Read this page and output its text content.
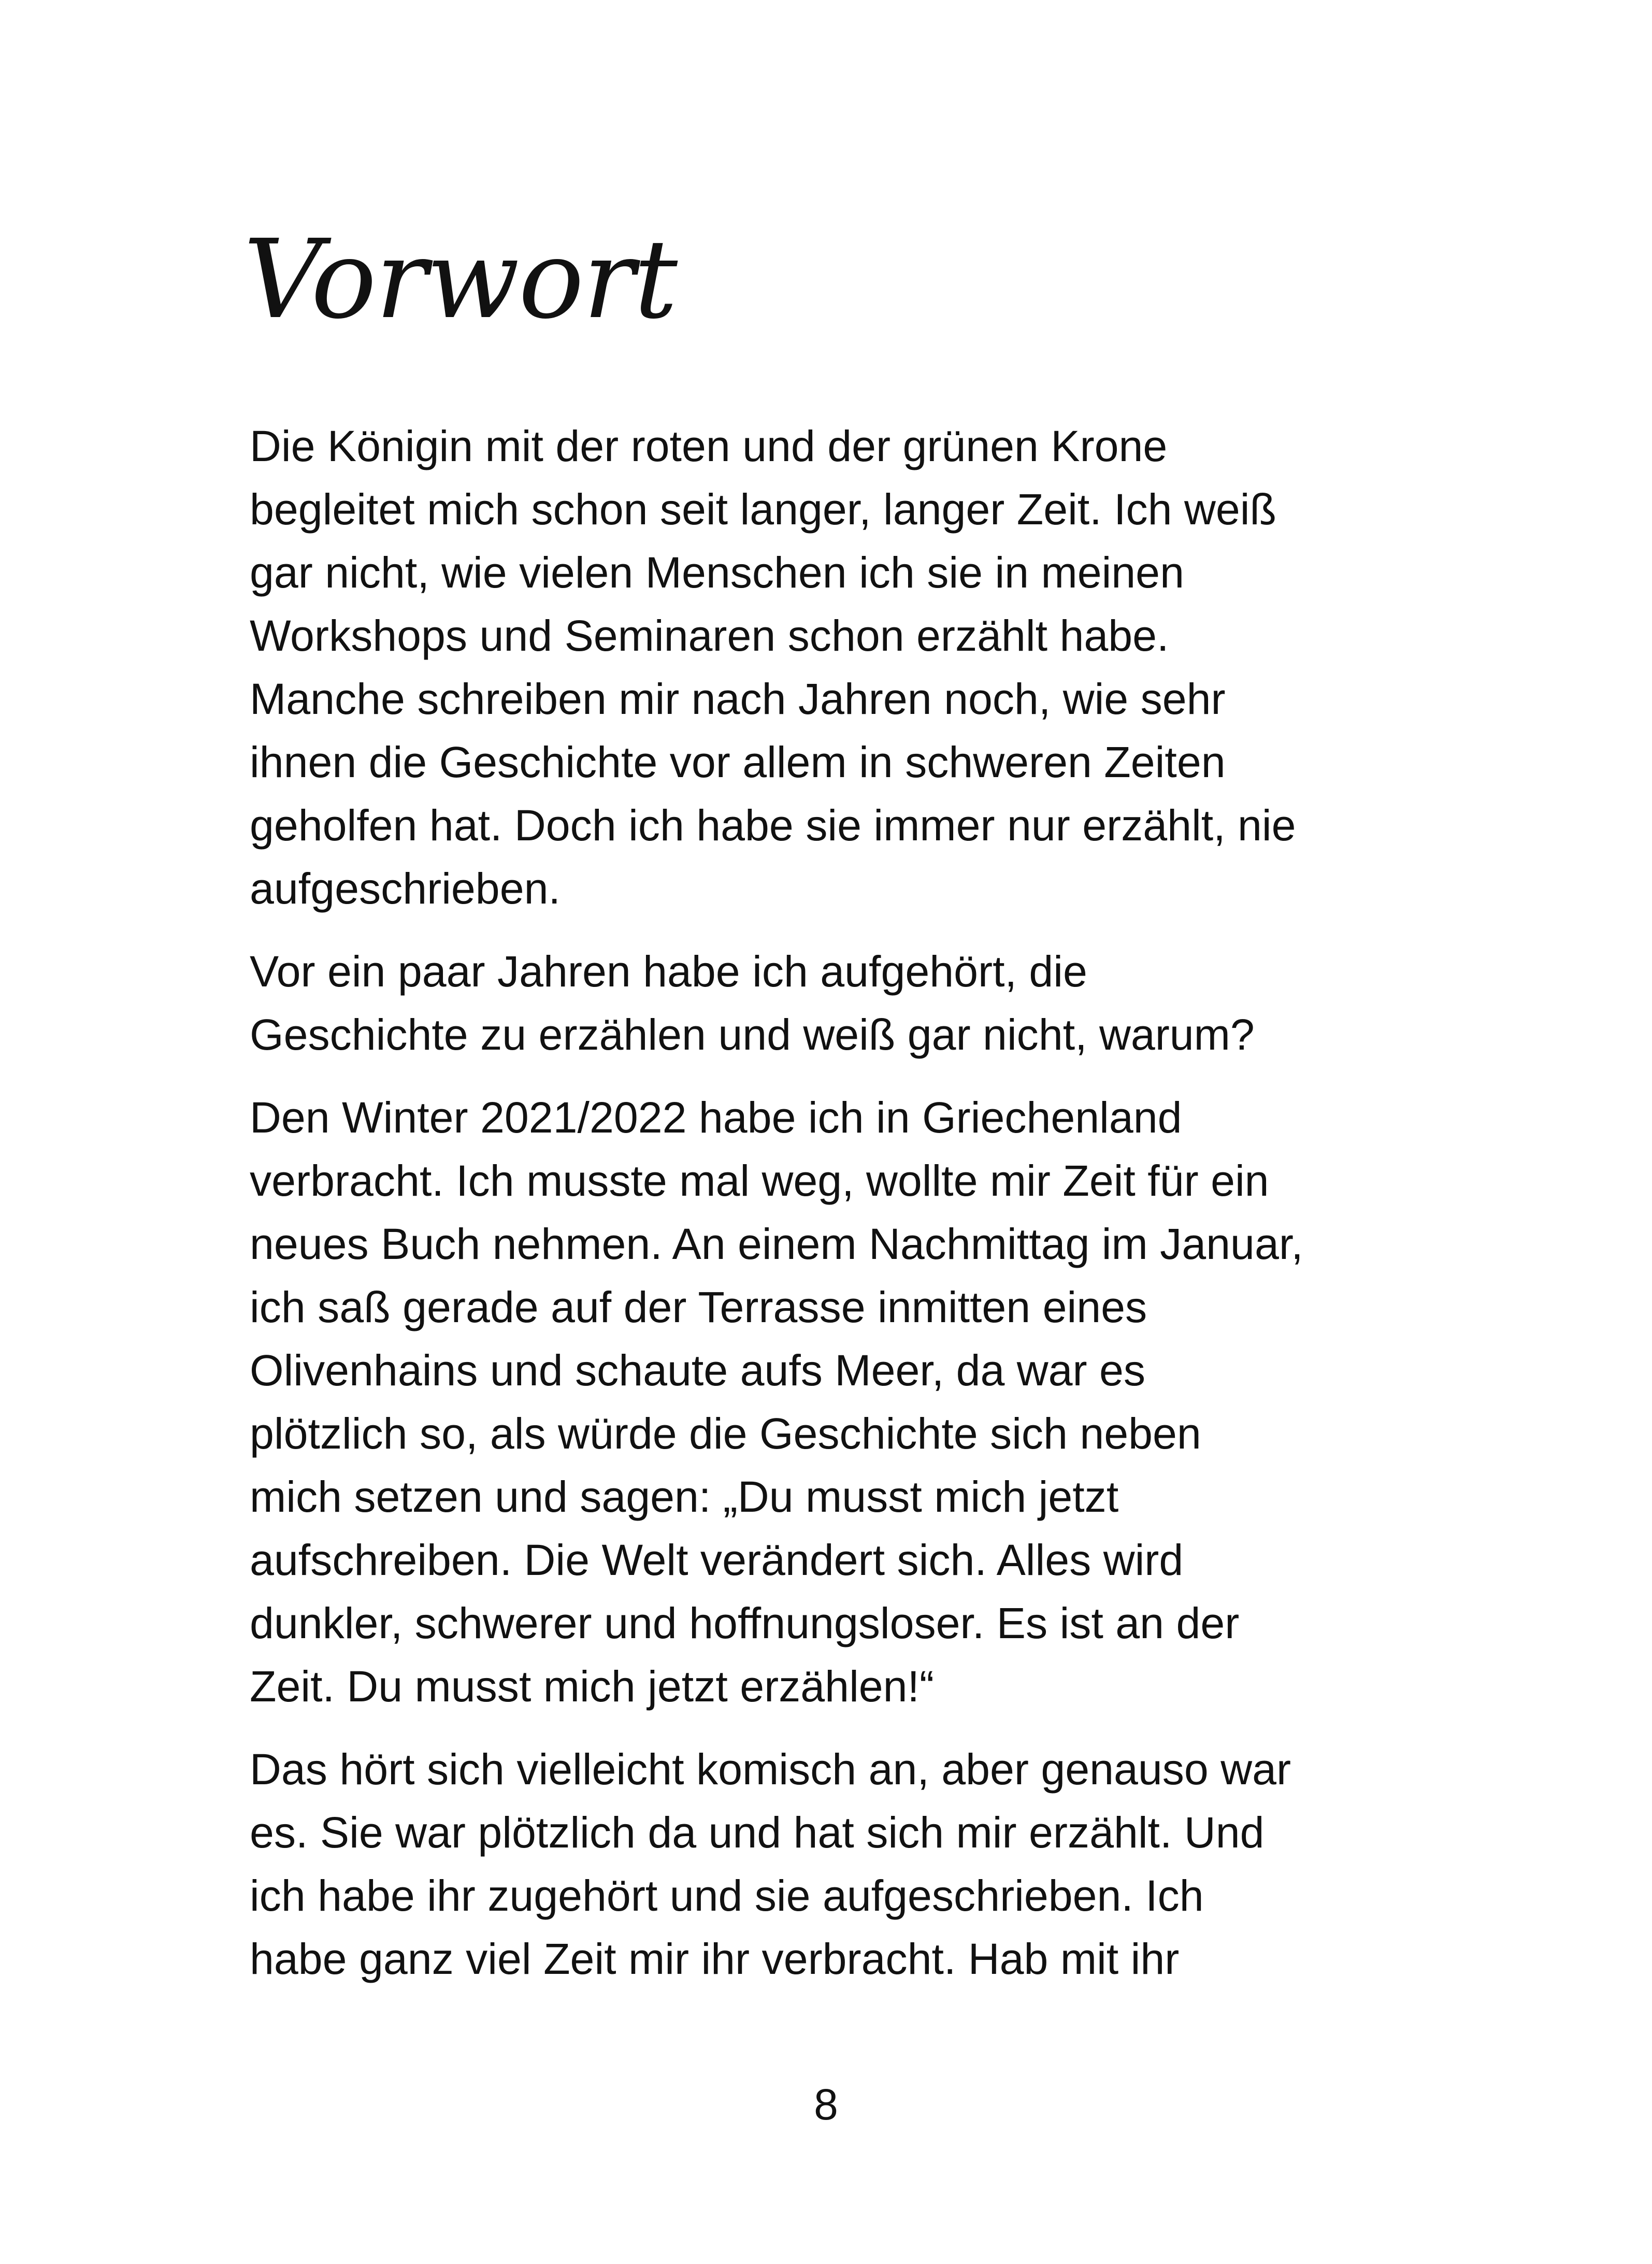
Vorwort

Die Königin mit der roten und der grünen Krone
begleitet mich schon seit langer, langer Zeit. Ich weiß
gar nicht, wie vielen Menschen ich sie in meinen
Workshops und Seminaren schon erzählt habe.
Manche schreiben mir nach Jahren noch, wie sehr
ihnen die Geschichte vor allem in schweren Zeiten
geholfen hat. Doch ich habe sie immer nur erzählt, nie
aufgeschrieben.

Vor ein paar Jahren habe ich aufgehört, die
Geschichte zu erzählen und weiß gar nicht, warum?

Den Winter 2021/2022 habe ich in Griechenland
verbracht. Ich musste mal weg, wollte mir Zeit für ein
neues Buch nehmen. An einem Nachmittag im Januar,
ich saß gerade auf der Terrasse inmitten eines
Olivenhains und schaute aufs Meer, da war es
plötzlich so, als würde die Geschichte sich neben
mich setzen und sagen: „Du musst mich jetzt
aufschreiben. Die Welt verändert sich. Alles wird
dunkler, schwerer und hoffnungsloser. Es ist an der
Zeit. Du musst mich jetzt erzählen!“

Das hört sich vielleicht komisch an, aber genauso war
es. Sie war plötzlich da und hat sich mir erzählt. Und
ich habe ihr zugehört und sie aufgeschrieben. Ich
habe ganz viel Zeit mir ihr verbracht. Hab mit ihr

8
